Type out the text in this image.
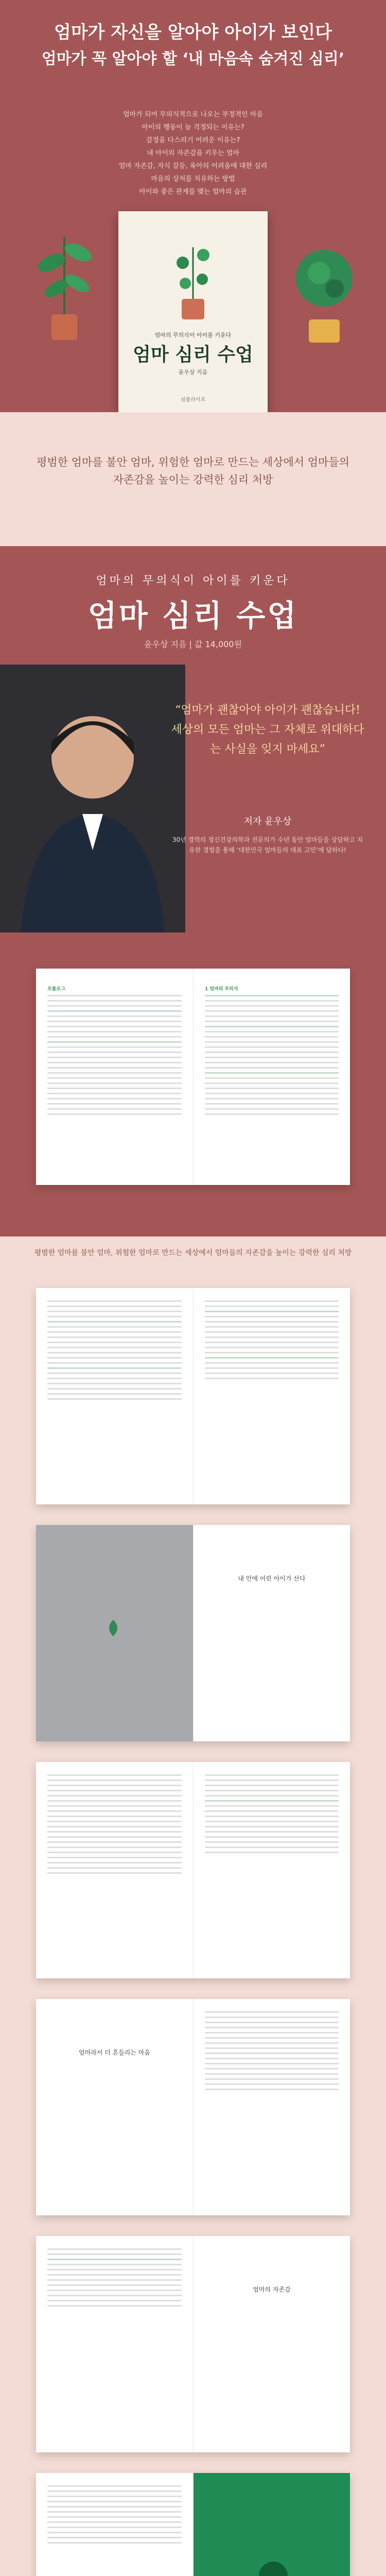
엄마가 자신을 알아야 아이가 보인다
엄마가 꼭 알아야 할 ‘내 마음속 숨겨진 심리’
엄마가 되어 무의식적으로 나오는 부정적인 마음
아이의 행동이 늘 걱정되는 이유는?
감정을 다스리기 어려운 이유는?
내 아이의 자존감을 키우는 엄마
엄마 자존감, 자식 갈등, 육아의 어려움에 대한 심리
마음의 상처를 치유하는 방법
아이와 좋은 관계를 맺는 엄마의 습관
엄마의 무의식이 아이를 키운다
엄마 심리 수업
윤우상 지음
심플라이프
평범한 엄마를 불안 엄마, 위험한 엄마로 만드는 세상에서 엄마들의 자존감을 높이는 강력한 심리 처방
엄마의 무의식이 아이를 키운다
엄마 심리 수업
윤우상 지음 | 값 14,000원
“엄마가 괜찮아야 아이가 괜찮습니다! 세상의 모든 엄마는 그 자체로 위대하다는 사실을 잊지 마세요”
저자 윤우상
30년 경력의 정신건강의학과 전문의가 수년 동안 엄마들을 상담하고 치유한 경험을 통해 ‘대한민국 엄마들의 대표 고민’에 답하다!
프롤로그	1 엄마의 무의식
평범한 엄마를 불안 엄마, 위험한 엄마로 만드는 세상에서 엄마들의 자존감을 높이는 강력한 심리 처방
내 안에 어린 아이가 산다
엄마라서 더 흔들리는 마음
엄마의 자존감
